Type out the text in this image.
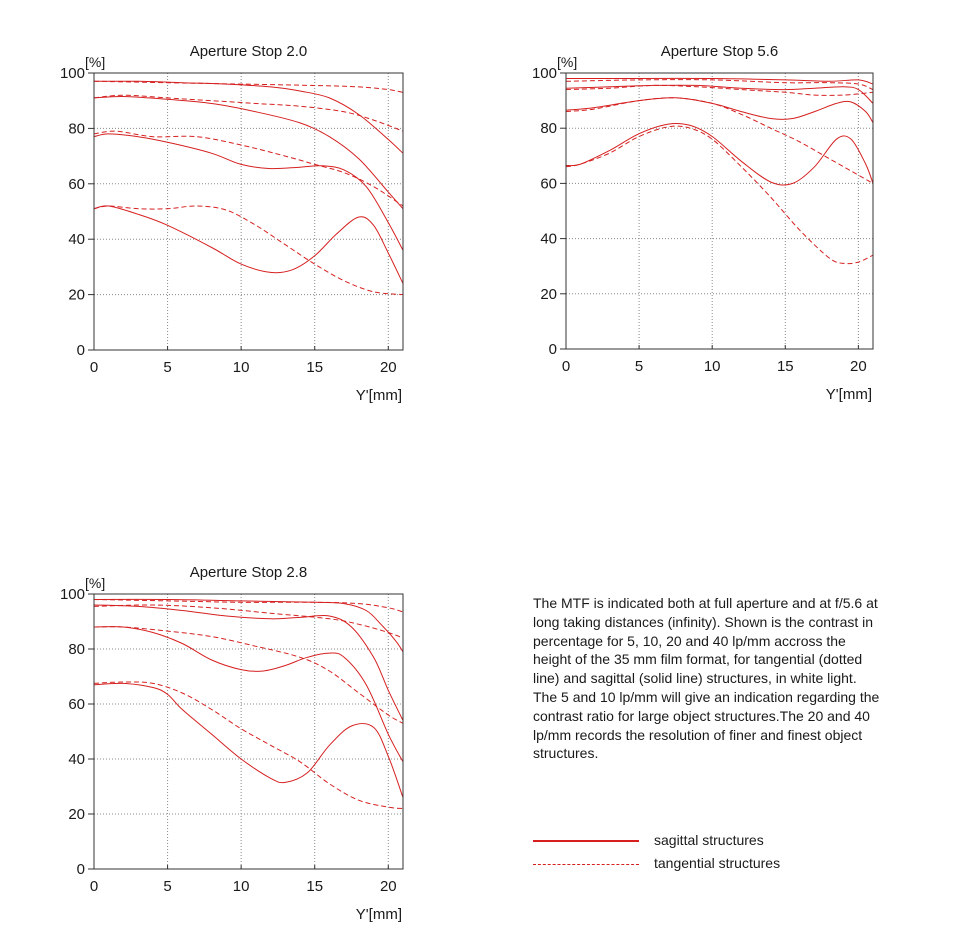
0	5	10	15	20
0
20
40
60
80
100
Aperture Stop 2.0
[%]
Y'[mm]
0	5	10	15	20
0
20
40
60
80
100
Aperture Stop 5.6
[%]
Y'[mm]
0	5	10	15	20
0
20
40
60
80
100
Aperture Stop 2.8
[%]
Y'[mm]

The MTF is indicated both at full aperture and at f/5.6 at long taking distances (infinity). Shown is the contrast in percentage for 5, 10, 20 and 40 lp/mm accross the height of the 35 mm film format, for tangential (dotted line) and sagittal (solid line) structures, in white light. The 5 and 10 lp/mm will give an indication regarding the contrast ratio for large object structures.The 20 and 40 lp/mm records the resolution of finer and finest object structures.

sagittal structures
tangential structures
